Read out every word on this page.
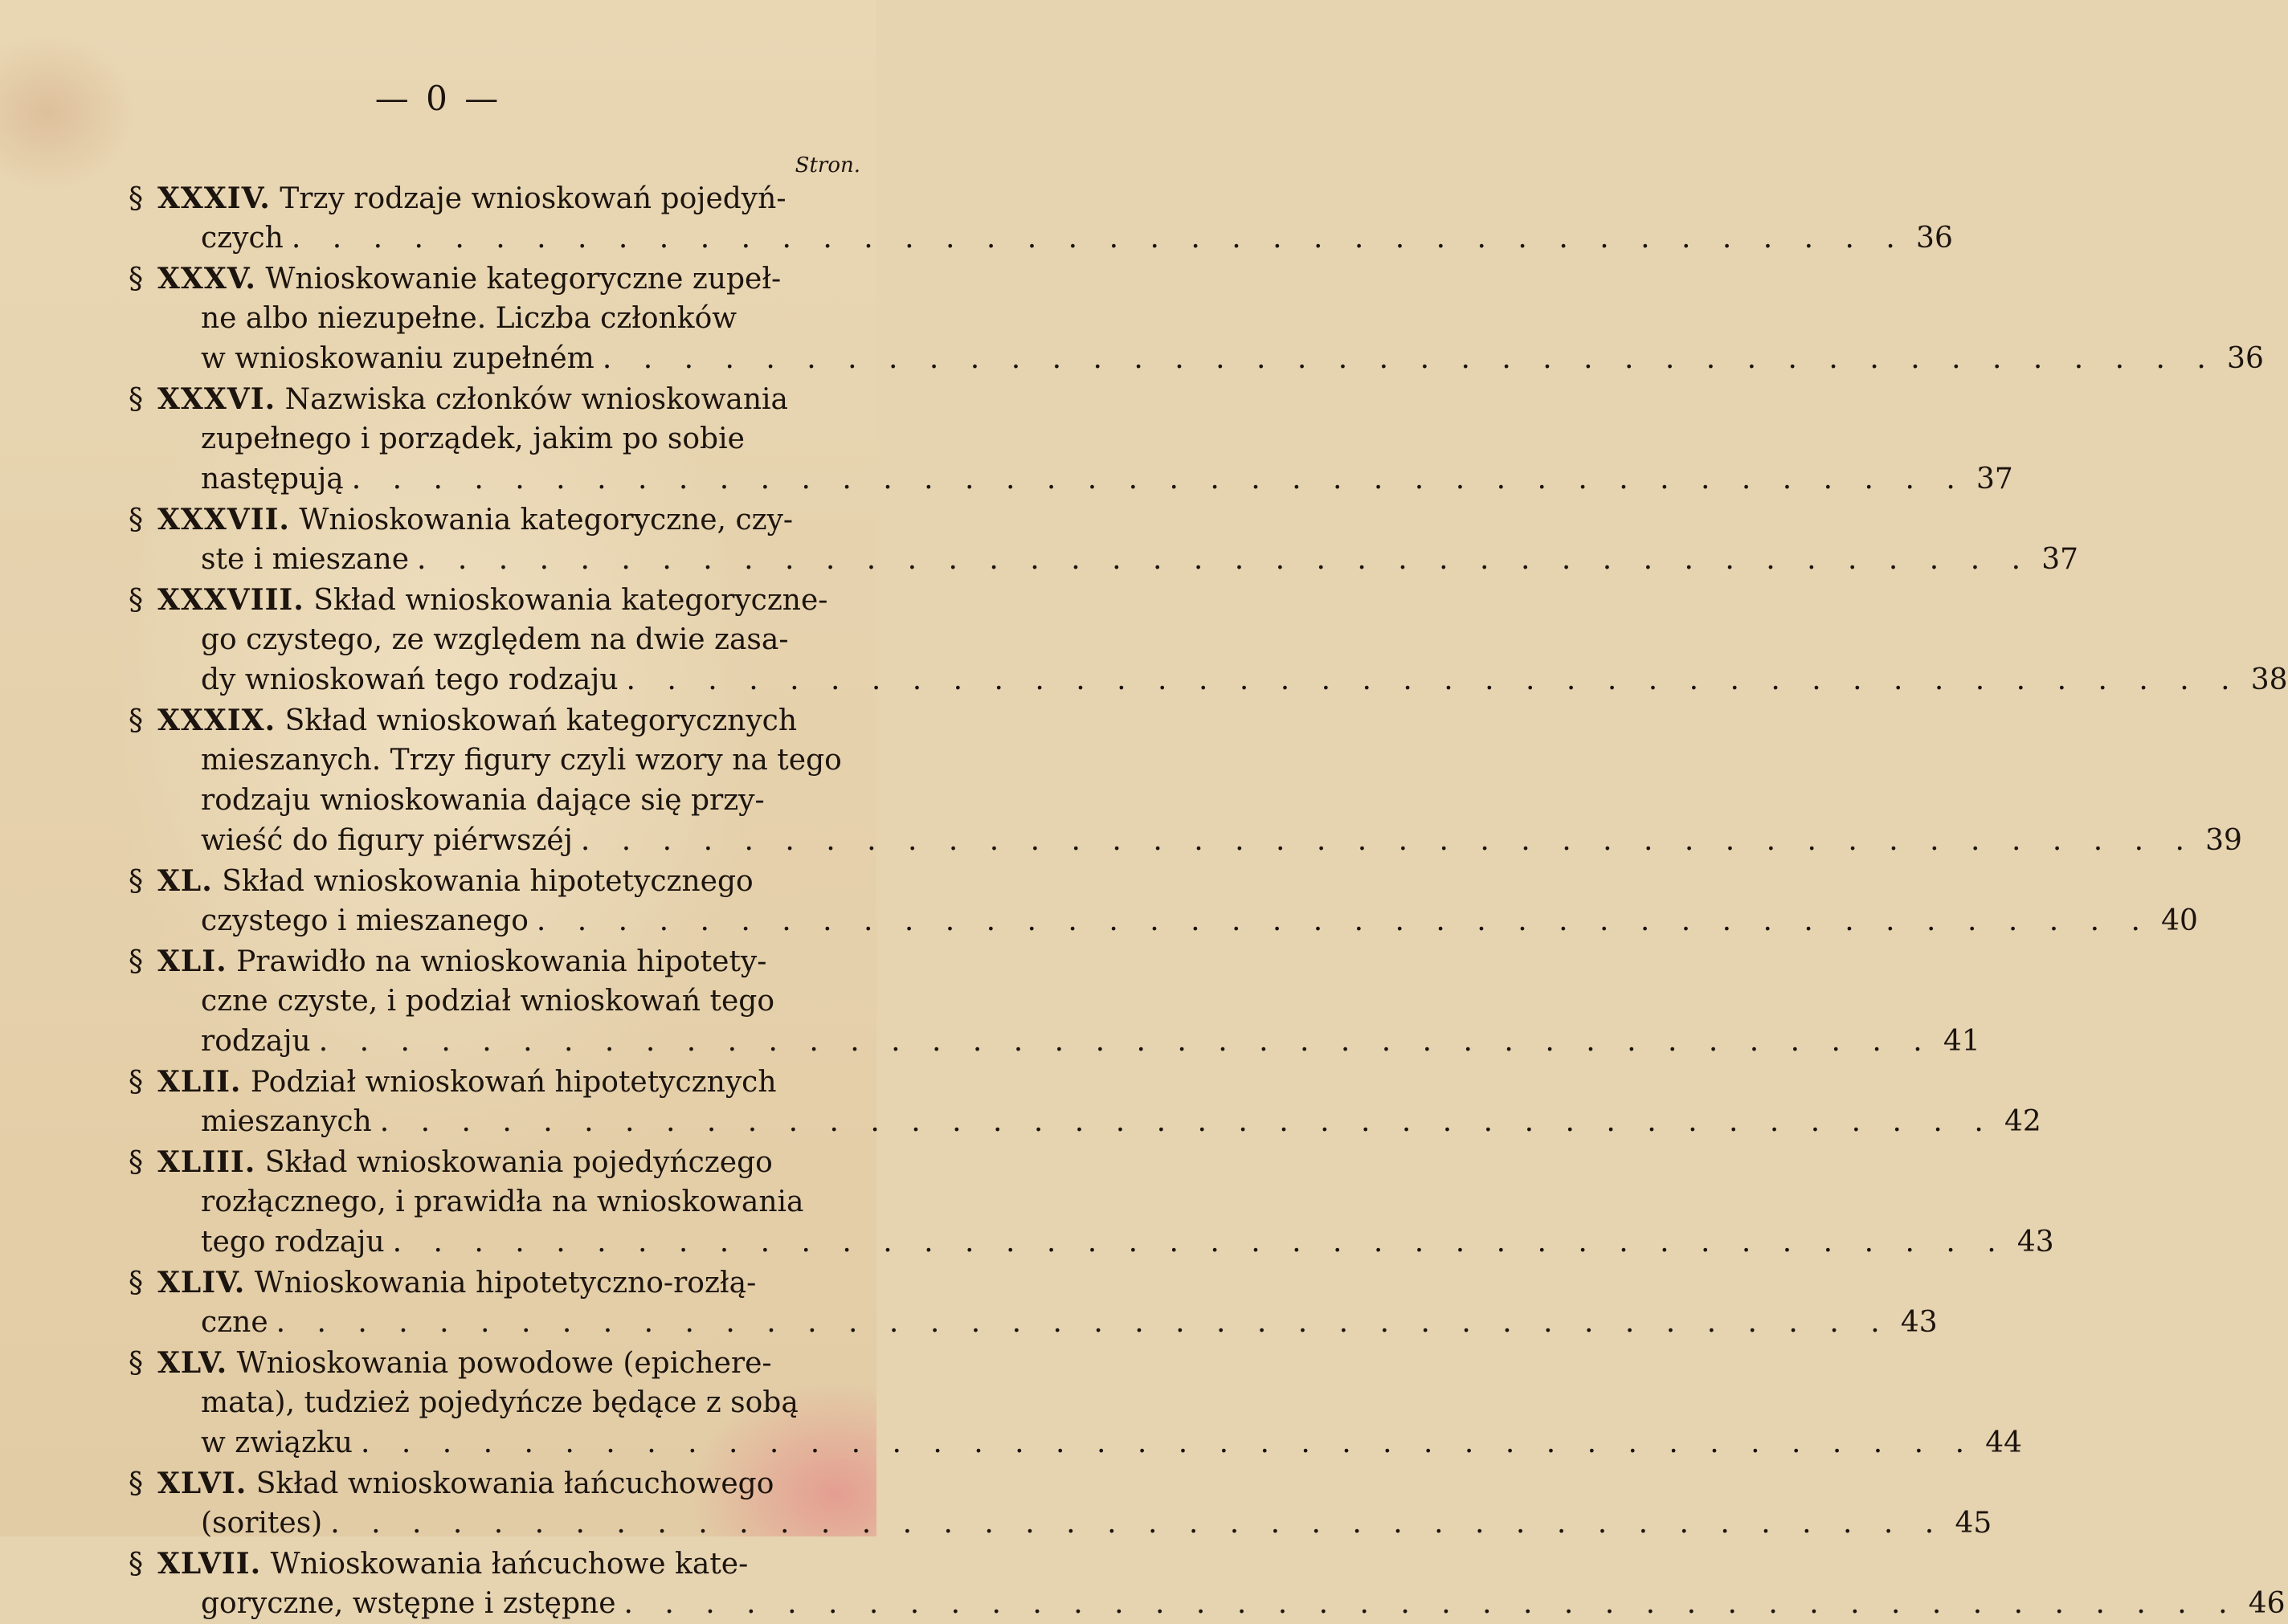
— 0 —
Stron.
§ XXXIV. Trzy rodzaje wnioskowań pojedyń-
czych . . .	36
§ XXXV. Wnioskowanie kategoryczne zupeł-
ne albo niezupełne. Liczba członków
w wnioskowaniu zupełném . . .	36
§ XXXVI. Nazwiska członków wnioskowania
zupełnego i porządek, jakim po sobie
następują . . .	37
§ XXXVII. Wnioskowania kategoryczne, czy-
ste i mieszane . . .	37
§ XXXVIII. Skład wnioskowania kategoryczne-
go czystego, ze względem na dwie zasa-
dy wnioskowań tego rodzaju . . .	38
§ XXXIX. Skład wnioskowań kategorycznych
mieszanych. Trzy figury czyli wzory na tego
rodzaju wnioskowania dające się przy-
wieść do figury piérwszéj . . .	39
§ XL. Skład wnioskowania hipotetycznego
czystego i mieszanego . . .	40
§ XLI. Prawidło na wnioskowania hipotety-
czne czyste, i podział wnioskowań tego
rodzaju . . .	41
§ XLII. Podział wnioskowań hipotetycznych
mieszanych . . .	42
§ XLIII. Skład wnioskowania pojedyńczego
rozłącznego, i prawidła na wnioskowania
tego rodzaju . . .	43
§ XLIV. Wnioskowania hipotetyczno-rozłą-
czne . . .	43
§ XLV. Wnioskowania powodowe (epichere-
mata), tudzież pojedyńcze będące z sobą
w związku . . .	44
§ XLVI. Skład wnioskowania łańcuchowego
(sorites) . . .	45
§ XLVII. Wnioskowania łańcuchowe kate-
goryczne, wstępne i zstępne . . .	46
